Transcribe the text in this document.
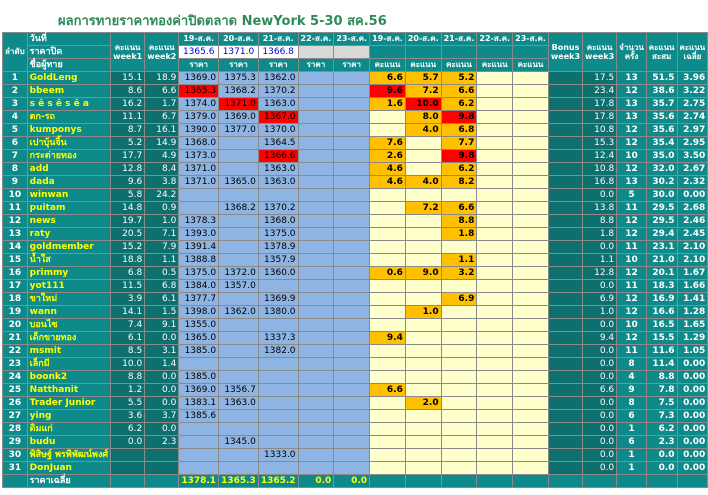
ผลการทายราคาทองค่าปิดตลาด NewYork 5-30 สค.56
ลำดับ	วันที่	คะแนน week1	คะแนน week2	19-ส.ค.	20-ส.ค.	21-ส.ค.	22-ส.ค.	23-ส.ค.	19-ส.ค.	20-ส.ค.	21-ส.ค.	22-ส.ค.	23-ส.ค.	Bonus week3	คะแนน week3	จำนวน ครั้ง	คะแนน สะสม	คะแนน เฉลี่ย
	ราคาปิด			1365.6	1371.0	1366.8												
	ชื่อผู้ทาย			ราคา	ราคา	ราคา	ราคา	ราคา	คะแนน	คะแนน	คะแนน	คะแนน	คะแนน					
1	GoldLeng	15.1	18.9	1369.0	1375.3	1362.0			6.6	5.7	5.2				17.5	13	51.5	3.96
2	bbeem	8.6	6.6	1365.3	1368.2	1370.2			9.6	7.2	6.6				23.4	12	38.6	3.22
3	s ê s ê s ê a	16.2	1.7	1374.0	1371.0	1363.0			1.6	10.0	6.2				17.8	13	35.7	2.75
4	ตก-รถ	11.1	6.7	1379.0	1369.0	1367.0				8.0	9.8				17.8	13	35.6	2.74
5	kumponys	8.7	16.1	1390.0	1377.0	1370.0				4.0	6.8				10.8	12	35.6	2.97
6	เปาบุ้นจิ้น	5.2	14.9	1368.0		1364.5			7.6		7.7				15.3	12	35.4	2.95
7	กระต่ายทอง	17.7	4.9	1373.0		1366.6			2.6		9.8				12.4	10	35.0	3.50
8	add	12.8	8.4	1371.0		1363.0			4.6		6.2				10.8	12	32.0	2.67
9	dada	9.6	3.8	1371.0	1365.0	1363.0			4.6	4.0	8.2				16.8	13	30.2	2.32
10	winwan	5.8	24.2												0.0	5	30.0	0.00
11	puitam	14.8	0.9		1368.2	1370.2				7.2	6.6				13.8	11	29.5	2.68
12	news	19.7	1.0	1378.3		1368.0					8.8				8.8	12	29.5	2.46
13	raty	20.5	7.1	1393.0		1375.0					1.8				1.8	12	29.4	2.45
14	goldmember	15.2	7.9	1391.4		1378.9									0.0	11	23.1	2.10
15	น้ำใส	18.8	1.1	1388.8		1357.9					1.1				1.1	10	21.0	2.10
16	primmy	6.8	0.5	1375.0	1372.0	1360.0			0.6	9.0	3.2				12.8	12	20.1	1.67
17	yot111	11.5	6.8	1384.0	1357.0										0.0	11	18.3	1.66
18	ขาใหม่	3.9	6.1	1377.7		1369.9					6.9				6.9	12	16.9	1.41
19	wann	14.1	1.5	1398.0	1362.0	1380.0				1.0					1.0	12	16.6	1.28
20	บอนไซ	7.4	9.1	1355.0											0.0	10	16.5	1.65
21	เด็กขายทอง	6.1	0.0	1365.0		1337.3			9.4						9.4	12	15.5	1.29
22	msmit	8.5	3.1	1385.0		1382.0									0.0	11	11.6	1.05
23	เล็กมี	10.0	1.4												0.0	8	11.4	0.00
24	boonk2	8.8	0.0	1385.0											0.0	4	8.8	0.00
25	Natthanit	1.2	0.0	1369.0	1356.7				6.6						6.6	9	7.8	0.00
26	Trader Junior	5.5	0.0	1383.1	1363.0					2.0					0.0	8	7.5	0.00
27	ying	3.6	3.7	1385.6											0.0	6	7.3	0.00
28	ดิมแก่	6.2	0.0												0.0	1	6.2	0.00
29	budu	0.0	2.3		1345.0										0.0	6	2.3	0.00
30	พิสิษฐ์ พรพิพัฒน์พงศ์					1333.0									0.0	1	0.0	0.00
31	DonJuan														0.0	1	0.0	0.00
	ราคาเฉลี่ย			1378.1	1365.3	1365.2	0.0	0.0										
